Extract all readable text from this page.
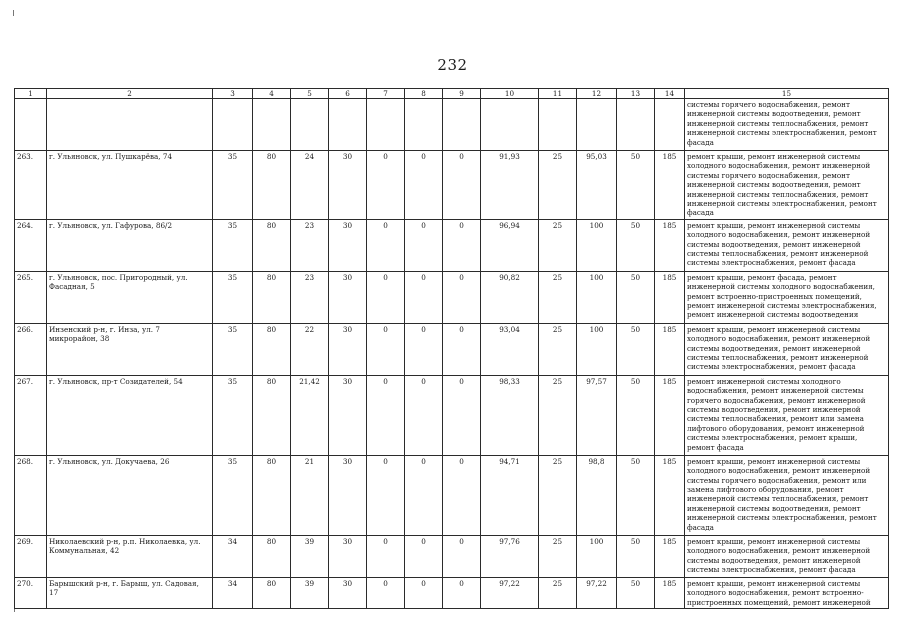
232
1	2	3	4	5	6	7	8	9	10	11	12	13	14	15
														системы горячего водоснабжения, ремонт инженерной системы водоотведения, ремонт инженерной системы теплоснабжения, ремонт инженерной системы электроснабжения, ремонт фасада
263.	г. Ульяновск, ул. Пушкарёва, 74	35	80	24	30	0	0	0	91,93	25	95,03	50	185	ремонт крыши, ремонт инженерной системы холодного водоснабжения, ремонт инженерной системы горячего водоснабжения, ремонт инженерной системы водоотведения, ремонт инженерной системы теплоснабжения, ремонт инженерной системы электроснабжения, ремонт фасада
264.	г. Ульяновск, ул. Гафурова, 86/2	35	80	23	30	0	0	0	96,94	25	100	50	185	ремонт крыши, ремонт инженерной системы холодного водоснабжения, ремонт инженерной системы водоотведения, ремонт инженерной системы теплоснабжения, ремонт инженерной системы электроснабжения, ремонт фасада
265.	г. Ульяновск, пос. Пригородный, ул. Фасадная, 5	35	80	23	30	0	0	0	90,82	25	100	50	185	ремонт крыши, ремонт фасада, ремонт инженерной системы холодного водоснабжения, ремонт встроенно-пристроенных помещений, ремонт инженерной системы электроснабжения, ремонт инженерной системы водоотведения
266.	Инзенский р-н, г. Инза, ул. 7 микрорайон, 38	35	80	22	30	0	0	0	93,04	25	100	50	185	ремонт крыши, ремонт инженерной системы холодного водоснабжения, ремонт инженерной системы водоотведения, ремонт инженерной системы теплоснабжения, ремонт инженерной системы электроснабжения, ремонт фасада
267.	г. Ульяновск, пр-т Созидателей, 54	35	80	21,42	30	0	0	0	98,33	25	97,57	50	185	ремонт инженерной системы холодного водоснабжения, ремонт инженерной системы горячего водоснабжения, ремонт инженерной системы водоотведения, ремонт инженерной системы теплоснабжения, ремонт или замена лифтового оборудования, ремонт инженерной системы электроснабжения, ремонт крыши, ремонт фасада
268.	г. Ульяновск, ул. Докучаева, 26	35	80	21	30	0	0	0	94,71	25	98,8	50	185	ремонт крыши, ремонт инженерной системы холодного водоснабжения, ремонт инженерной системы горячего водоснабжения, ремонт или замена лифтового оборудования, ремонт инженерной системы теплоснабжения, ремонт инженерной системы водоотведения, ремонт инженерной системы электроснабжения, ремонт фасада
269.	Николаевский р-н, р.п. Николаевка, ул. Коммунальная, 42	34	80	39	30	0	0	0	97,76	25	100	50	185	ремонт крыши, ремонт инженерной системы холодного водоснабжения, ремонт инженерной системы водоотведения, ремонт инженерной системы электроснабжения, ремонт фасада
270.	Барышский р-н, г. Барыш, ул. Садовая, 17	34	80	39	30	0	0	0	97,22	25	97,22	50	185	ремонт крыши, ремонт инженерной системы холодного водоснабжения, ремонт встроенно-пристроенных помещений, ремонт инженерной
